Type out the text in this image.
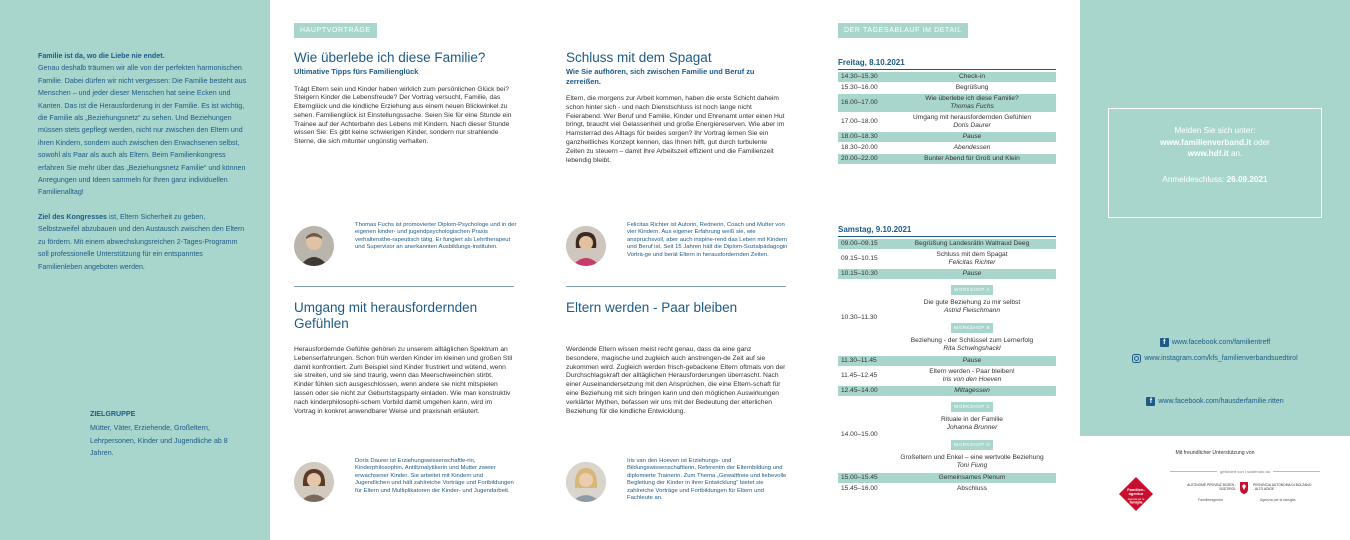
Familie ist da, wo die Liebe nie endet.
Genau deshalb träumen wir alle von der perfekten harmonischen Familie. Dabei dürfen wir nicht vergessen: Die Familie besteht aus Menschen – und jeder dieser Menschen hat seine Ecken und Kanten. Das ist die Herausforderung in der Familie. Es ist wichtig, die Familie als „Beziehungsnetz“ zu sehen. Und Beziehungen müssen stets gepflegt werden, nicht nur zwischen den Eltern und ihren Kindern, sondern auch zwischen den Erwachsenen selbst, sowohl als Paar als auch als Eltern. Beim Familienkongress erfahren Sie mehr über das „Beziehungsnetz Familie“ und können Anregungen und Ideen sammeln für Ihren ganz individuellen Familienalltag!

Ziel des Kongresses ist, Eltern Sicherheit zu geben, Selbstzweifel abzubauen und den Austausch zwischen den Eltern zu fördern. Mit einem abwechslungsreichen 2-Tages-Programm soll professionelle Unterstützung für ein entspanntes Familienleben angeboten werden.

ZIELGRUPPE
Mütter, Väter, Erziehende, Großeltern, Lehrpersonen, Kinder und Jugendliche ab 8 Jahren.
HAUPTVORTRÄGE
Wie überlebe ich diese Familie?
Ultimative Tipps fürs Familienglück
Trägt Eltern sein und Kinder haben wirklich zum persönlichen Glück bei? Steigern Kinder die Lebensfreude? Der Vortrag versucht, Familie, das Elternglück und die kindliche Erziehung aus einem neuen Blickwinkel zu sehen. Familienglück ist Einstellungssache. Seien Sie für eine Stunde ein Trainee auf der Achterbahn des Lebens mit Kindern. Nach dieser Stunde wissen Sie: Es gibt keine schwierigen Kinder, sondern nur strahlende Sterne, die sich mitunter ungünstig verhalten.
Schluss mit dem Spagat
Wie Sie aufhören, sich zwischen Familie und Beruf zu zerreißen.
Eltern, die morgens zur Arbeit kommen, haben die erste Schicht daheim schon hinter sich - und nach Dienstschluss ist noch lange nicht Feierabend. Wer Beruf und Familie, Kinder und Ehrenamt unter einen Hut bringt, braucht viel Gelassenheit und große Energiereserven. Wie aber im Hamsterrad des Alltags für beides sorgen? Ihr Vortrag lernen Sie ein ganzheitliches Konzept kennen, das Ihnen hilft, gut durch turbulente Zeiten zu steuern – damit Ihre Arbeitszeit effizient und die Familienzeit lebendig bleibt.
Thomas Fuchs ist promovierter Diplom-Psychologe und in der eigenen kinder- und jugendpsychologischen Praxis verhaltensthe-rapeutisch tätig. Er fungiert als Lehrtherapeut und Supervisor an anerkannten Ausbildungs-instituten.
Felicitas Richter ist Autorin, Rednerin, Coach und Mutter von vier Kindern. Aus eigener Erfahrung weiß sie, wie anspruchsvoll, aber auch inspirie-rend das Leben mit Kindern und Beruf ist. Seit 15 Jahren hält die Diplom-Sozialpädagogin Vorträ-ge und berät Eltern in herausfordernden Zeiten.
Umgang mit herausfordernden Gefühlen
Herausfordernde Gefühle gehören zu unserem alltäglichen Spektrum an Lebenserfahrungen. Schon früh werden Kinder im kleinen und großen Stil damit konfrontiert. Zum Beispiel sind Kinder frustriert und wütend, wenn sie streiten, und sie sind traurig, wenn das Meerschweinchen stirbt. Kinder fühlen sich ausgeschlossen, wenn andere sie nicht mitspielen lassen oder sie nicht zur Geburtstagsparty einladen. Wie man konstruktiv nach kinderphilosophi-schem Vorbild damit umgehen kann, wird im Vortrag in konkret anwendbarer Weise und praxisnah erläutert.
Eltern werden - Paar bleiben
Werdende Eltern wissen meist recht genau, dass da eine ganz besondere, magische und zugleich auch anstrengen-de Zeit auf sie zukommen wird. Zugleich werden frisch-gebackene Eltern oftmals von der Durchschlagskraft der alltäglichen Herausforderungen überrascht. Nach einer Auseinandersetzung mit den Ansprüchen, die eine Eltern-schaft für eine Beziehung mit sich bringen kann und den möglichen Auswirkungen verklärter Mythen, befassen wir uns mit der Bedeutung der elterlichen Beziehung für die kindliche Entwicklung.
Doris Daurer ist Erziehungswissenschaftle-rin, Kinderphilosophin, Antiltznalytikerin und Mutter zweier erwachsener Kinder. Sie arbeitet mit Kindern und Jugendlichen und hält zahlreiche Vorträge und Fortbildungen für Eltern und Multiplikatoren der Kinder- und Jugendarbeit.
Iris van den Hoeven ist Erziehungs- und Bildungswissenschaftlerin, Referentin der Elternbildung und diplomierte Trainerin. Zum Thema „Gewaltfreie und liebevolle Begleitung der Kinder in ihrer Entwicklung“ bietet sie zahlreiche Vorträge und Fortbildungen für Eltern und Fachleute an.
DER TAGESABLAUF IM DETAIL
Freitag, 8.10.2021
14.30–15.30	Check-in
15.30–16.00	Begrüßung
16.00–17.00
Wie überlebe ich diese Familie?
Thomas Fuchs
17.00–18.00
Umgang mit herausfordernden Gefühlen
Doris Daurer
18.00–18.30	Pause
18.30–20.00	Abendessen
20.00–22.00	Bunter Abend für Groß und Klein
Samstag, 9.10.2021
09.00–09.15	Begrüßung Landesrätin Waltraud Deeg
09.15–10.15
Schluss mit dem Spagat
Felicitas Richter
10.15–10.30	Pause
10.30–11.30
WORKSHOP A
Die gute Beziehung zu mir selbst
Astrid Fleischmann
WORKSHOP B
Beziehung - der Schlüssel zum Lernerfolg
Rita Schwingshackl
11.30–11.45	Pause
11.45–12.45
Eltern werden - Paar bleiben!
Iris von den Hoeven
12.45–14.00	Mittagessen
14.00–15.00
WORKSHOP C
Rituale in der Familie
Johanna Brunner
WORKSHOP D
Großeltern und Enkel – eine wertvolle Beziehung
Toni Fiung
15.00–15.45	Gemeinsames Plenum
15.45–16.00	Abschluss
Melden Sie sich unter:
www.familienverband.it oder
www.hdf.it an.
Anmeldeschluss: 26.09.2021
f www.facebook.com/familientreff
www.instagram.com/kfs_familienverbandsuedtirol
f www.facebook.com/hausderfamilie.ritten
Mit freundlicher Unterstützung von
gefördert von | sostenuto da
Familien-
agentur
Agenzia per la
famiglia
AUTONOME PROVINZ BOZEN - SÜDTIROL
PROVINCIA AUTONOMA DI BOLZANO - ALTO ADIGE
Familienagentur	Agenzia per la famiglia
